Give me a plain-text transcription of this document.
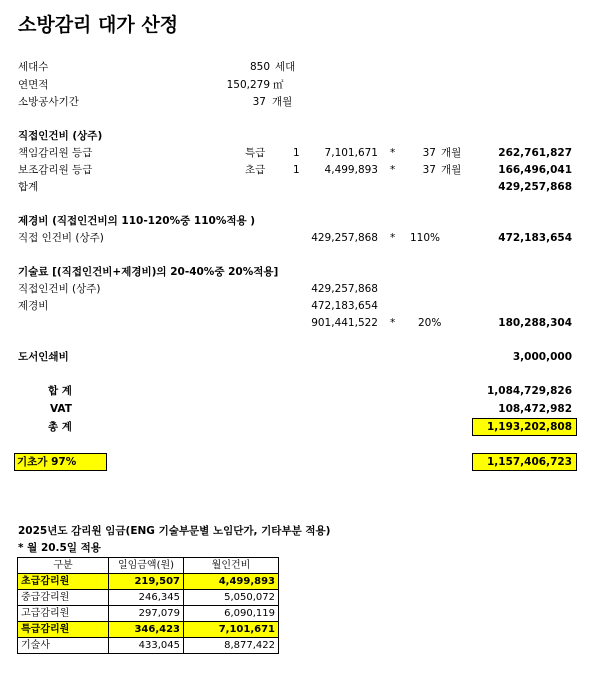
소방감리 대가 산정
세대수	850 세대
연면적	150,279 ㎡
소방공사기간	37 개월
직접인건비 (상주)
책임감리원 등급	특급	1	7,101,671 *	37 개월	262,761,827
보조감리원 등급	초급	1	4,499,893 *	37 개월	166,496,041
합계	429,257,868
제경비 (직접인건비의 110-120%중 110%적용 )
직접 인건비 (상주)	429,257,868 * 110%	472,183,654
기술료 [(직접인건비+제경비)의 20-40%중 20%적용]
직접인건비 (상주)	429,257,868
제경비	472,183,654
901,441,522 * 20%	180,288,304
도서인쇄비	3,000,000
합 계	1,084,729,826
VAT	108,472,982
총 계	1,193,202,808
기초가 97%	1,157,406,723
2025년도 감리원 임금(ENG 기술부문별 노임단가, 기타부분 적용)
* 월 20.5일 적용
구분	일임금액(원)	월인건비
초급감리원	219,507	4,499,893
중급감리원	246,345	5,050,072
고급감리원	297,079	6,090,119
특급감리원	346,423	7,101,671
기술사	433,045	8,877,422
